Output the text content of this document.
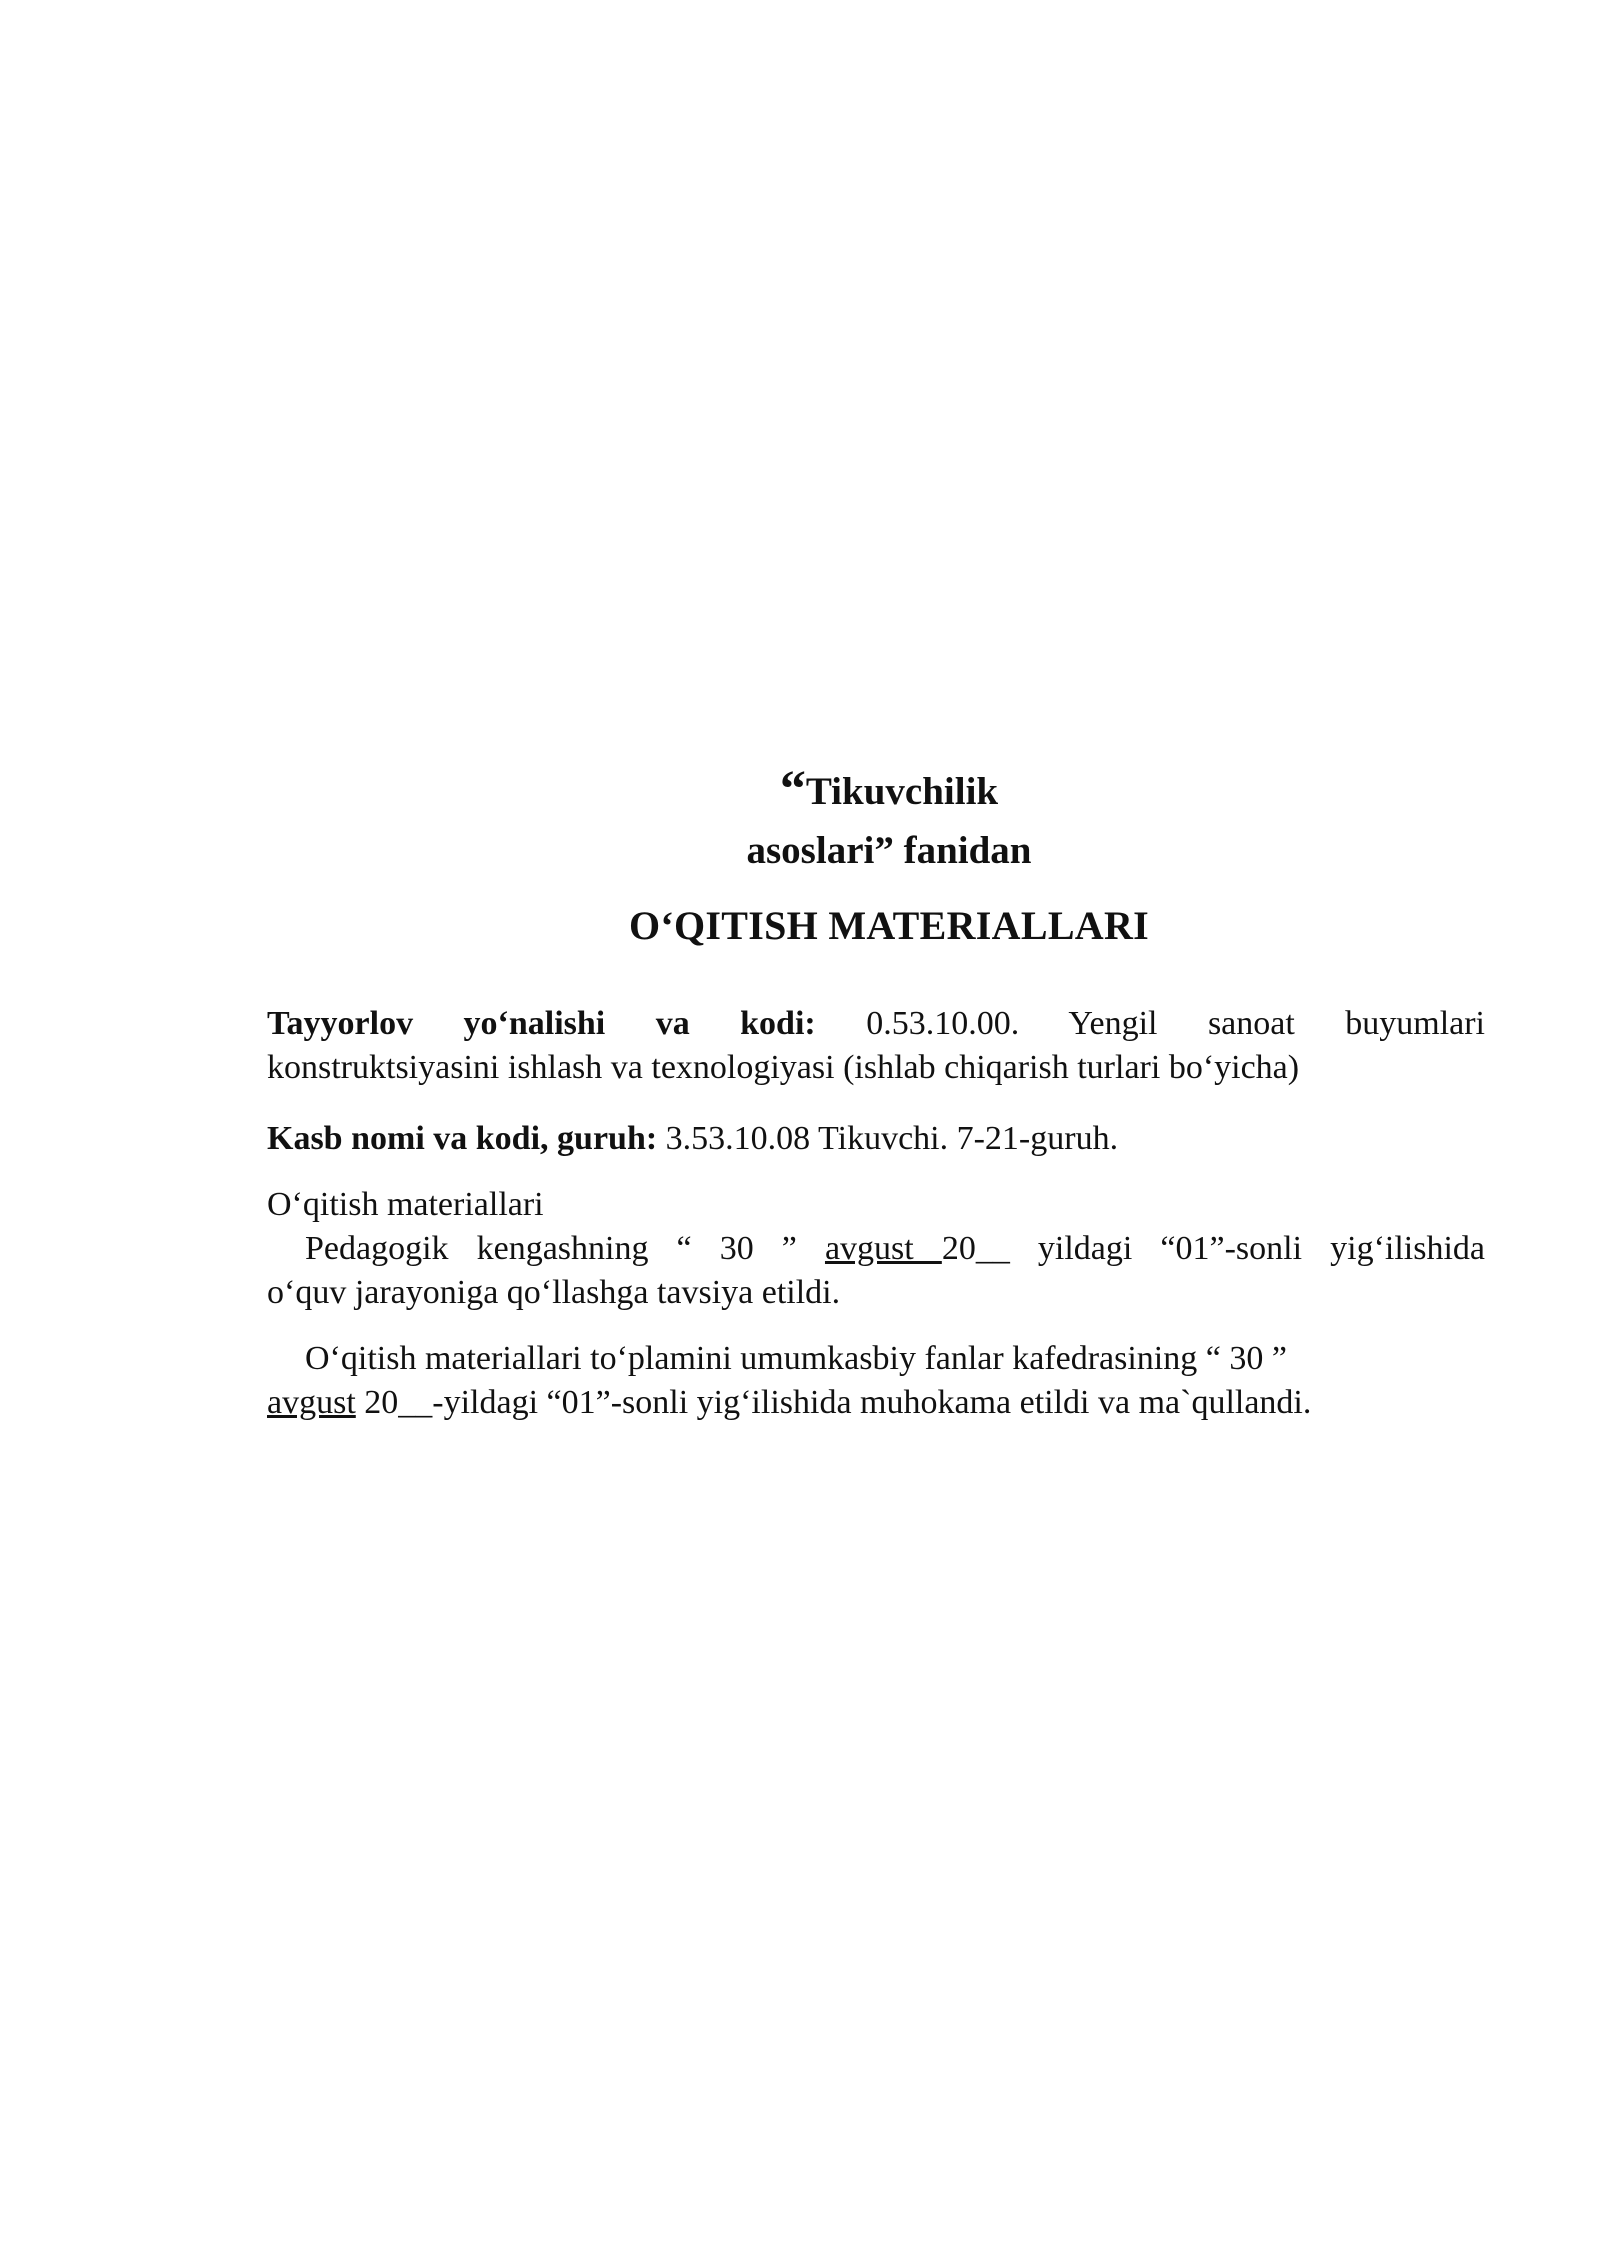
“Tikuvchilik

asoslari” fanidan

O‘QITISH MATERIALLARI

Tayyorlov yo‘nalishi va kodi: 0.53.10.00. Yengil sanoat buyumlari
konstruktsiyasini ishlash va texnologiyasi (ishlab chiqarish turlari bo‘yicha)

Kasb nomi va kodi, guruh: 3.53.10.08 Tikuvchi. 7-21-guruh.

O‘qitish materiallari

Pedagogik kengashning “ 30 ” avgust 20__ yildagi “01”-sonli yig‘ilishida
o‘quv jarayoniga qo‘llashga tavsiya etildi.

O‘qitish materiallari to‘plamini umumkasbiy fanlar kafedrasining “ 30 ”
avgust 20__-yildagi “01”-sonli yig‘ilishida muhokama etildi va ma`qullandi.
